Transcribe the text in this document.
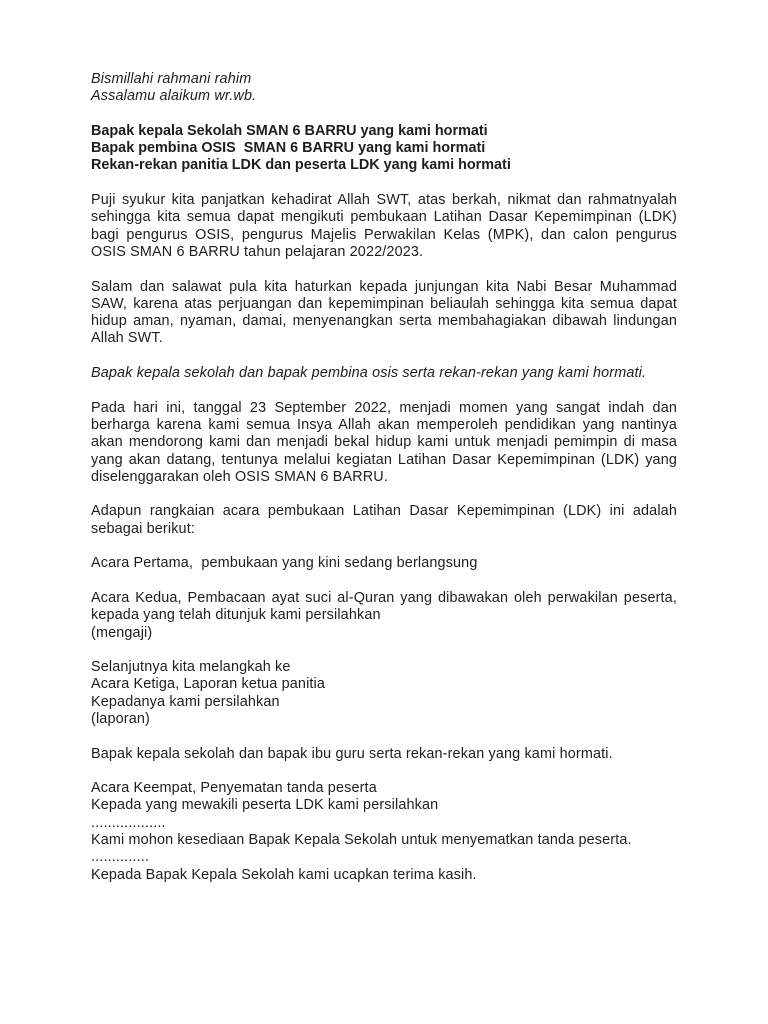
Bismillahi rahmani rahim
Assalamu alaikum wr.wb.
Bapak kepala Sekolah SMAN 6 BARRU yang kami hormati
Bapak pembina OSIS  SMAN 6 BARRU yang kami hormati
Rekan-rekan panitia LDK dan peserta LDK yang kami hormati
Puji syukur kita panjatkan kehadirat Allah SWT, atas berkah, nikmat dan rahmatnyalah sehingga kita semua dapat mengikuti pembukaan Latihan Dasar Kepemimpinan (LDK) bagi pengurus OSIS, pengurus Majelis Perwakilan Kelas (MPK), dan calon pengurus OSIS SMAN 6 BARRU tahun pelajaran 2022/2023.
Salam dan salawat pula kita haturkan kepada junjungan kita Nabi Besar Muhammad SAW, karena atas perjuangan dan kepemimpinan beliaulah sehingga kita semua dapat hidup aman, nyaman, damai, menyenangkan serta membahagiakan dibawah lindungan Allah SWT.
Bapak kepala sekolah dan bapak pembina osis serta rekan-rekan yang kami hormati.
Pada hari ini, tanggal 23 September 2022, menjadi momen yang sangat indah dan berharga karena kami semua Insya Allah akan memperoleh pendidikan yang nantinya akan mendorong kami dan menjadi bekal hidup kami untuk menjadi pemimpin di masa yang akan datang, tentunya melalui kegiatan Latihan Dasar Kepemimpinan (LDK) yang diselenggarakan oleh OSIS SMAN 6 BARRU.
Adapun rangkaian acara pembukaan Latihan Dasar Kepemimpinan (LDK) ini adalah sebagai berikut:
Acara Pertama,  pembukaan yang kini sedang berlangsung
Acara Kedua, Pembacaan ayat suci al-Quran yang dibawakan oleh perwakilan peserta, kepada yang telah ditunjuk kami persilahkan
(mengaji)
Selanjutnya kita melangkah ke
Acara Ketiga, Laporan ketua panitia
Kepadanya kami persilahkan
(laporan)
Bapak kepala sekolah dan bapak ibu guru serta rekan-rekan yang kami hormati.
Acara Keempat, Penyematan tanda peserta
Kepada yang mewakili peserta LDK kami persilahkan
..................
Kami mohon kesediaan Bapak Kepala Sekolah untuk menyematkan tanda peserta.
..............
Kepada Bapak Kepala Sekolah kami ucapkan terima kasih.
